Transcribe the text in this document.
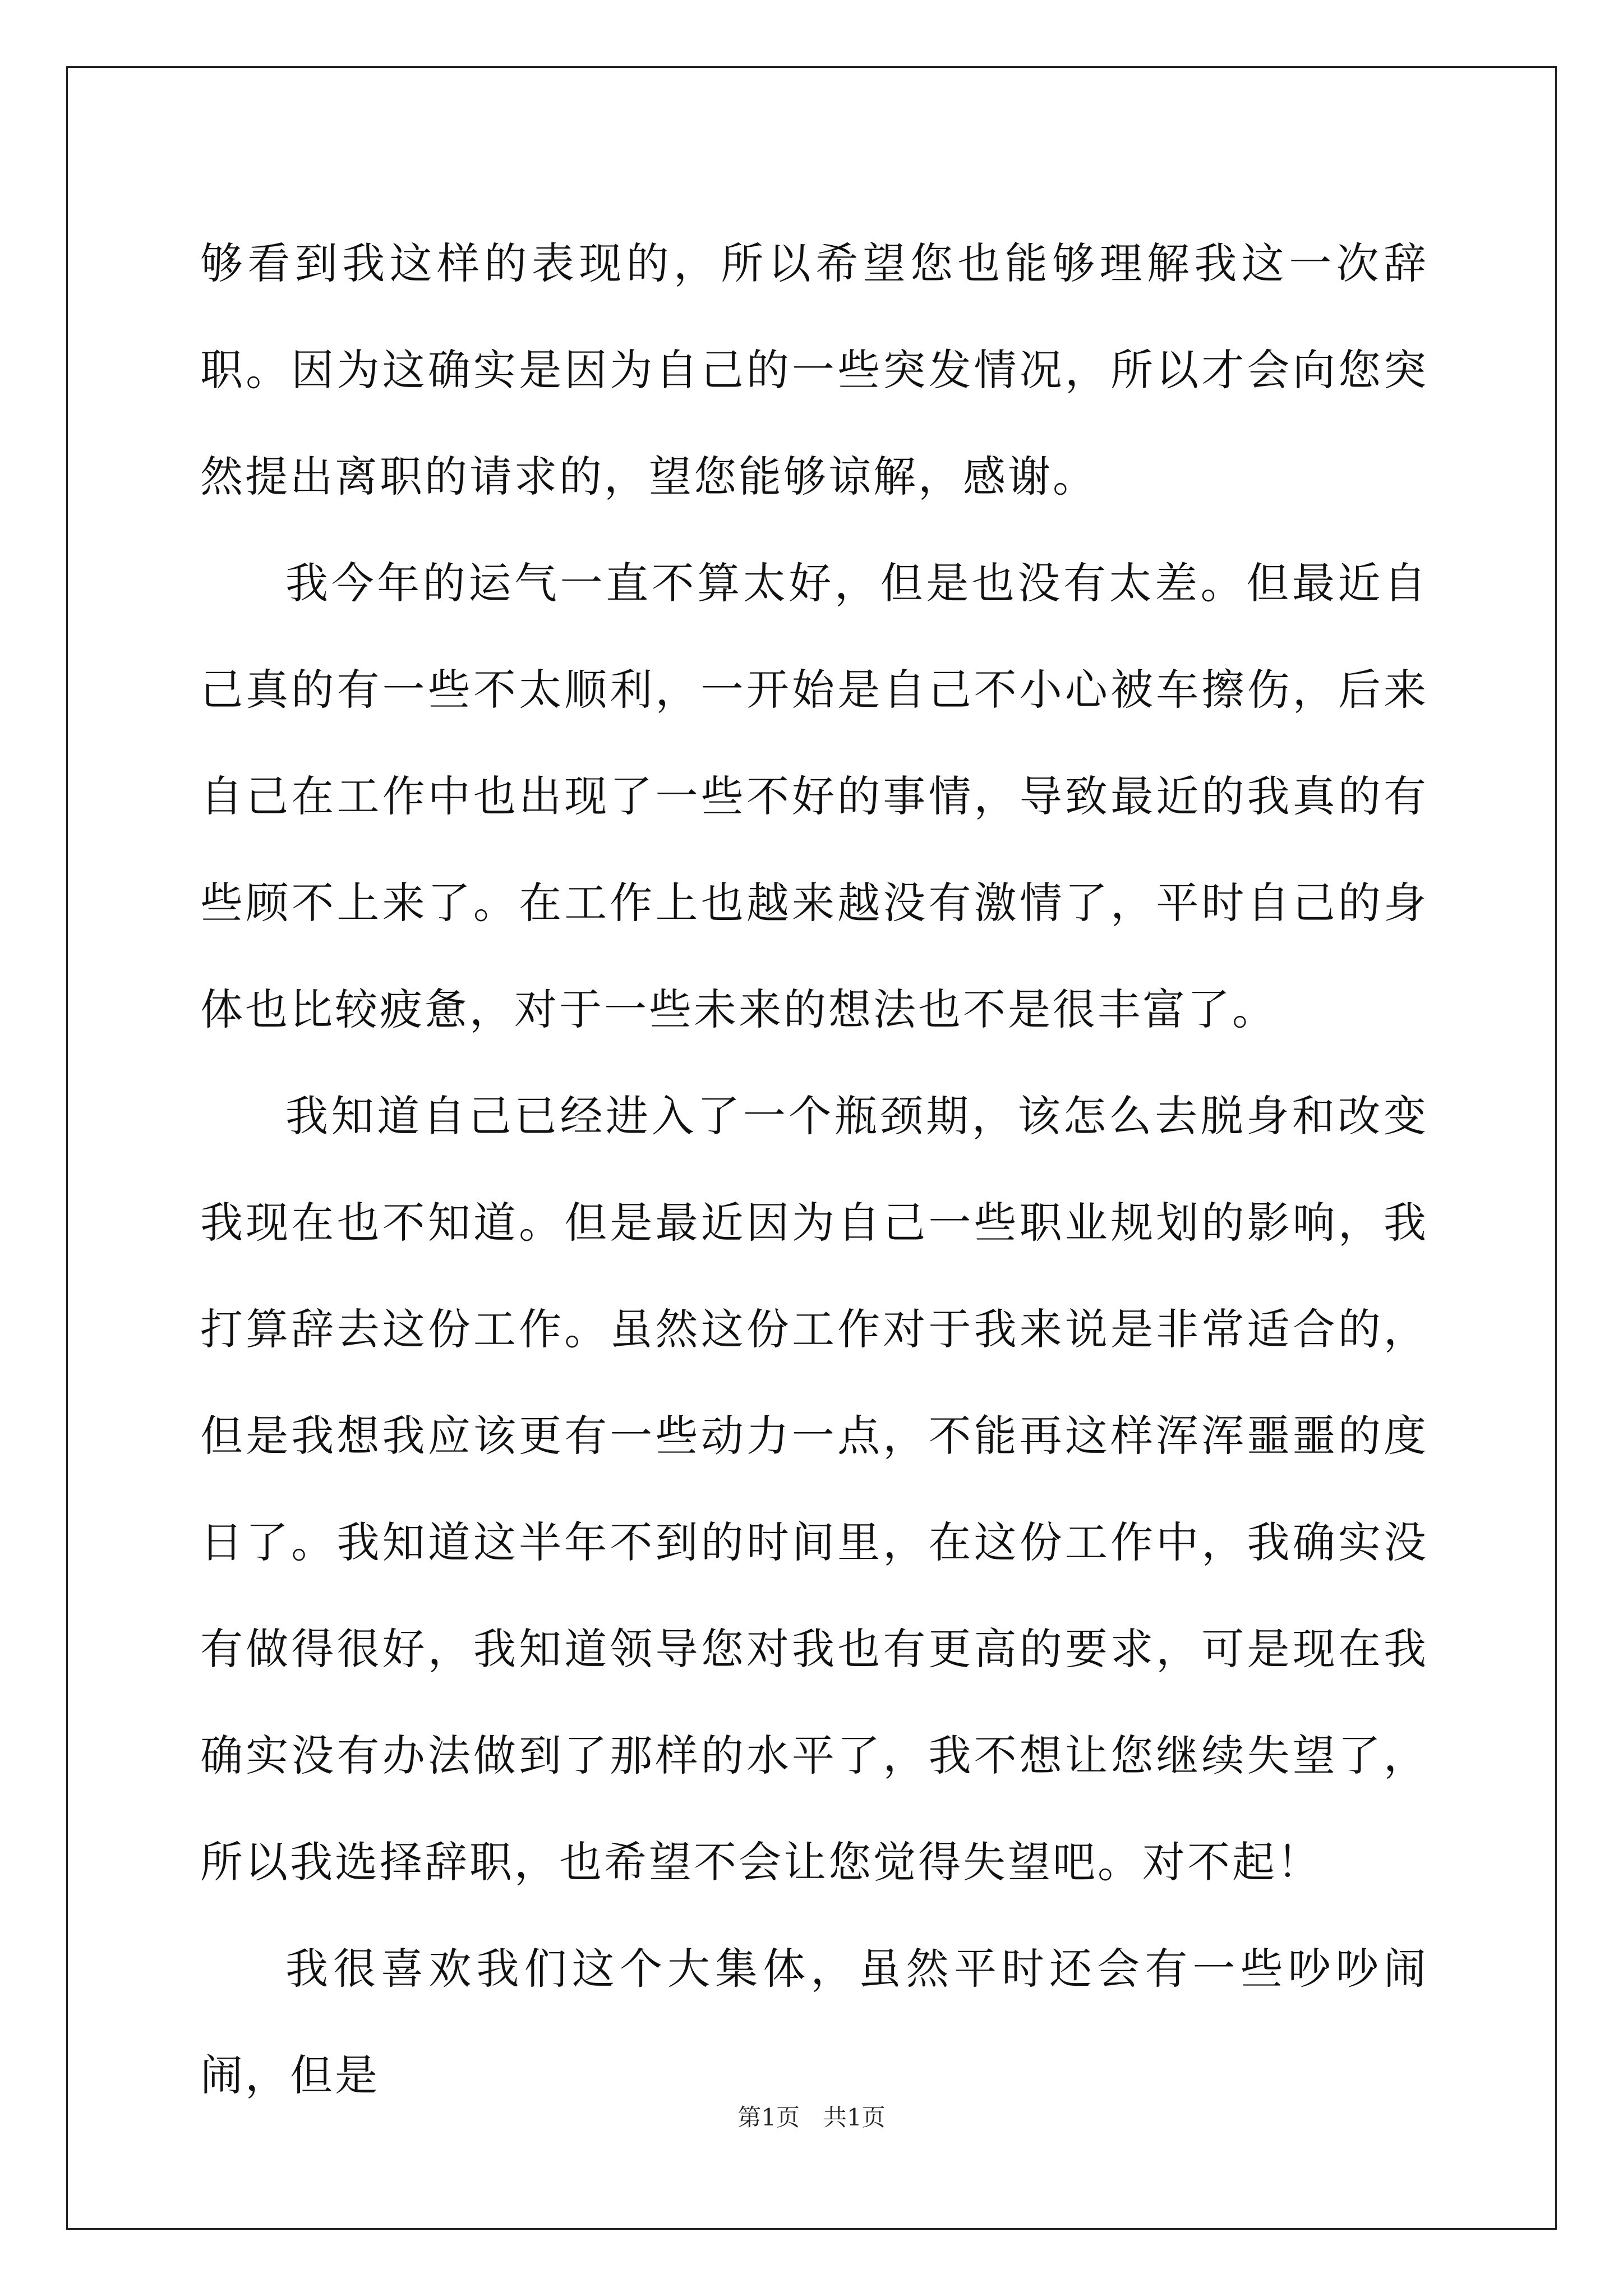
够看到我这样的表现的，所以希望您也能够理解我这一次辞职。因为这确实是因为自己的一些突发情况，所以才会向您突然提出离职的请求的，望您能够谅解，感谢。

我今年的运气一直不算太好，但是也没有太差。但最近自己真的有一些不太顺利，一开始是自己不小心被车擦伤，后来自己在工作中也出现了一些不好的事情，导致最近的我真的有些顾不上来了。在工作上也越来越没有激情了，平时自己的身体也比较疲惫，对于一些未来的想法也不是很丰富了。

我知道自己已经进入了一个瓶颈期，该怎么去脱身和改变我现在也不知道。但是最近因为自己一些职业规划的影响，我打算辞去这份工作。虽然这份工作对于我来说是非常适合的，但是我想我应该更有一些动力一点，不能再这样浑浑噩噩的度日了。我知道这半年不到的时间里，在这份工作中，我确实没有做得很好，我知道领导您对我也有更高的要求，可是现在我确实没有办法做到了那样的水平了，我不想让您继续失望了，所以我选择辞职，也希望不会让您觉得失望吧。对不起！

我很喜欢我们这个大集体，虽然平时还会有一些吵吵闹闹，但是

第1页　共1页
